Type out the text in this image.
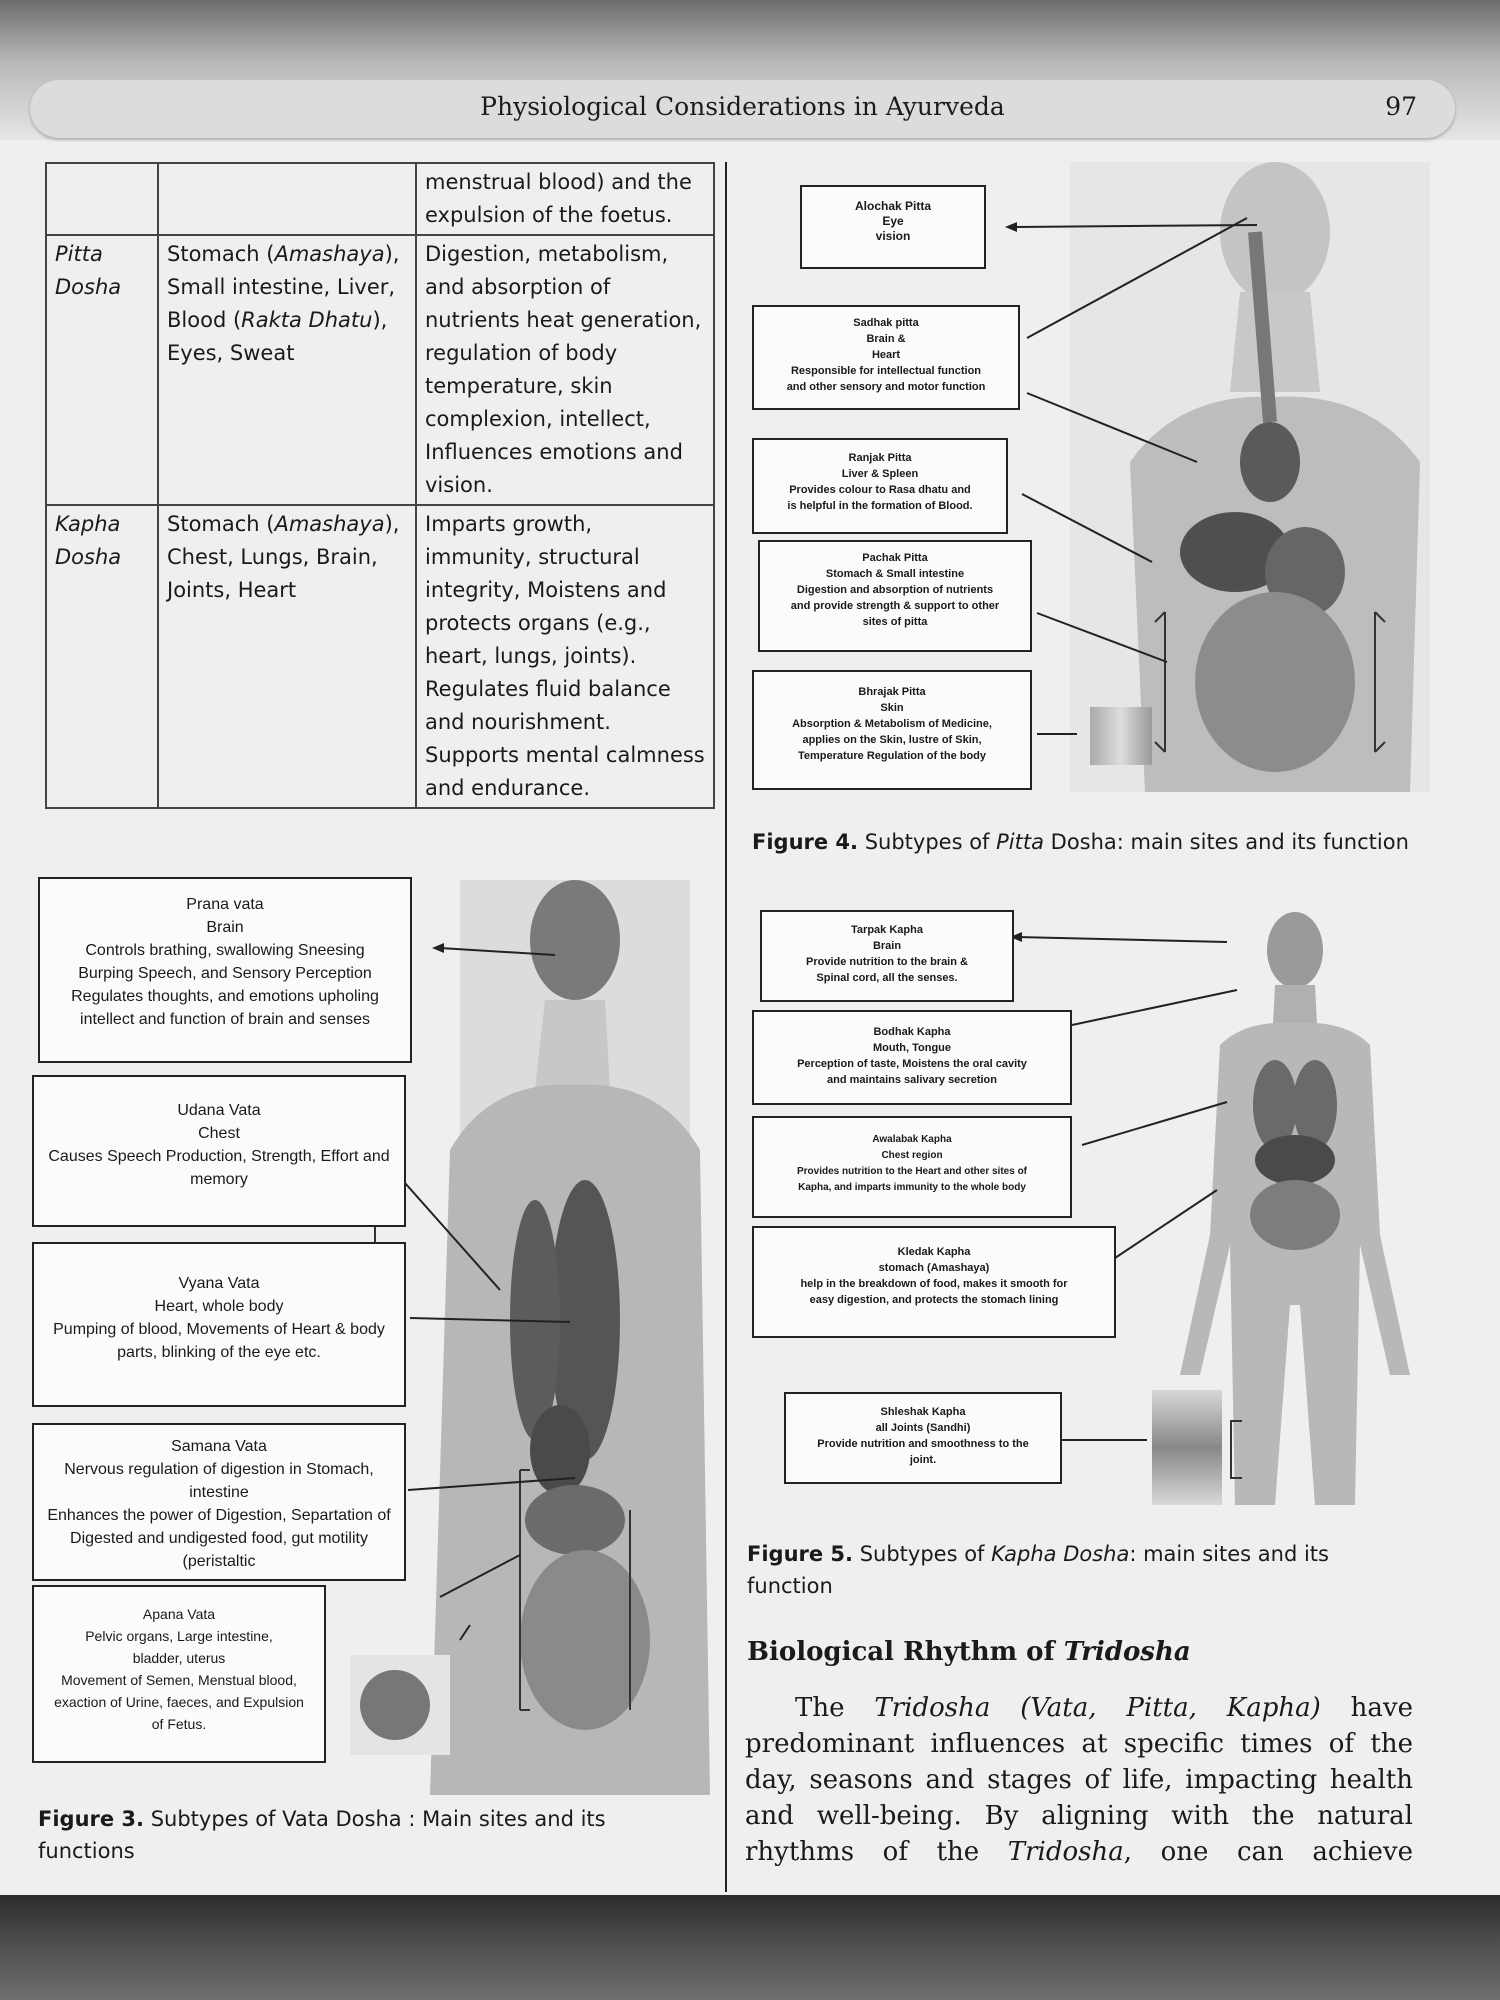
Physiological Considerations in Ayurveda	97
		menstrual blood) and the expulsion of the foetus.
Pitta Dosha	Stomach (Amashaya), Small intestine, Liver, Blood (Rakta Dhatu), Eyes, Sweat	Digestion, metabolism, and absorption of nutrients heat generation, regulation of body temperature, skin complexion, intellect, Influences emotions and vision.
Kapha Dosha	Stomach (Amashaya), Chest, Lungs, Brain, Joints, Heart	Imparts growth, immunity, structural integrity, Moistens and protects organs (e.g., heart, lungs, joints). Regulates fluid balance and nourishment. Supports mental calmness and endurance.
Prana vata
Brain
Controls brathing, swallowing Sneesing
Burping Speech, and Sensory Perception
Regulates thoughts, and emotions upholing
intellect and function of brain and senses
Udana Vata
Chest
Causes Speech Production, Strength, Effort and
memory
Vyana Vata
Heart, whole body
Pumping of blood, Movements of Heart & body
parts, blinking of the eye etc.
Samana Vata
Nervous regulation of digestion in Stomach,
intestine
Enhances the power of Digestion, Separtation of
Digested and undigested food, gut motility (peristaltic
Apana Vata
Pelvic organs, Large intestine,
bladder, uterus
Movement of Semen, Menstual blood,
exaction of Urine, faeces, and Expulsion
of Fetus.
Figure 3. Subtypes of Vata Dosha : Main sites and its functions
Alochak Pitta
Eye
vision
Sadhak pitta
Brain &
Heart
Responsible for intellectual function
and other sensory and motor function
Ranjak Pitta
Liver & Spleen
Provides colour to Rasa dhatu and
is helpful in the formation of Blood.
Pachak Pitta
Stomach & Small intestine
Digestion and absorption of nutrients
and provide strength & support to other
sites of pitta
Bhrajak Pitta
Skin
Absorption & Metabolism of Medicine,
applies on the Skin, lustre of Skin,
Temperature Regulation of the body
Figure 4. Subtypes of Pitta Dosha: main sites and its function
Tarpak Kapha
Brain
Provide nutrition to the brain &
Spinal cord, all the senses.
Bodhak Kapha
Mouth, Tongue
Perception of taste, Moistens the oral cavity
and maintains salivary secretion
Awalabak Kapha
Chest region
Provides nutrition to the Heart and other sites of
Kapha, and imparts immunity to the whole body
Kledak Kapha
stomach (Amashaya)
help in the breakdown of food, makes it smooth for
easy digestion, and protects the stomach lining
Shleshak Kapha
all Joints (Sandhi)
Provide nutrition and smoothness to the
joint.
Figure 5. Subtypes of Kapha Dosha: main sites and its function
Biological Rhythm of Tridosha
The Tridosha (Vata, Pitta, Kapha) have predominant influences at specific times of the day, seasons and stages of life, impacting health and well-being. By aligning with the natural rhythms of the Tridosha, one can achieve
